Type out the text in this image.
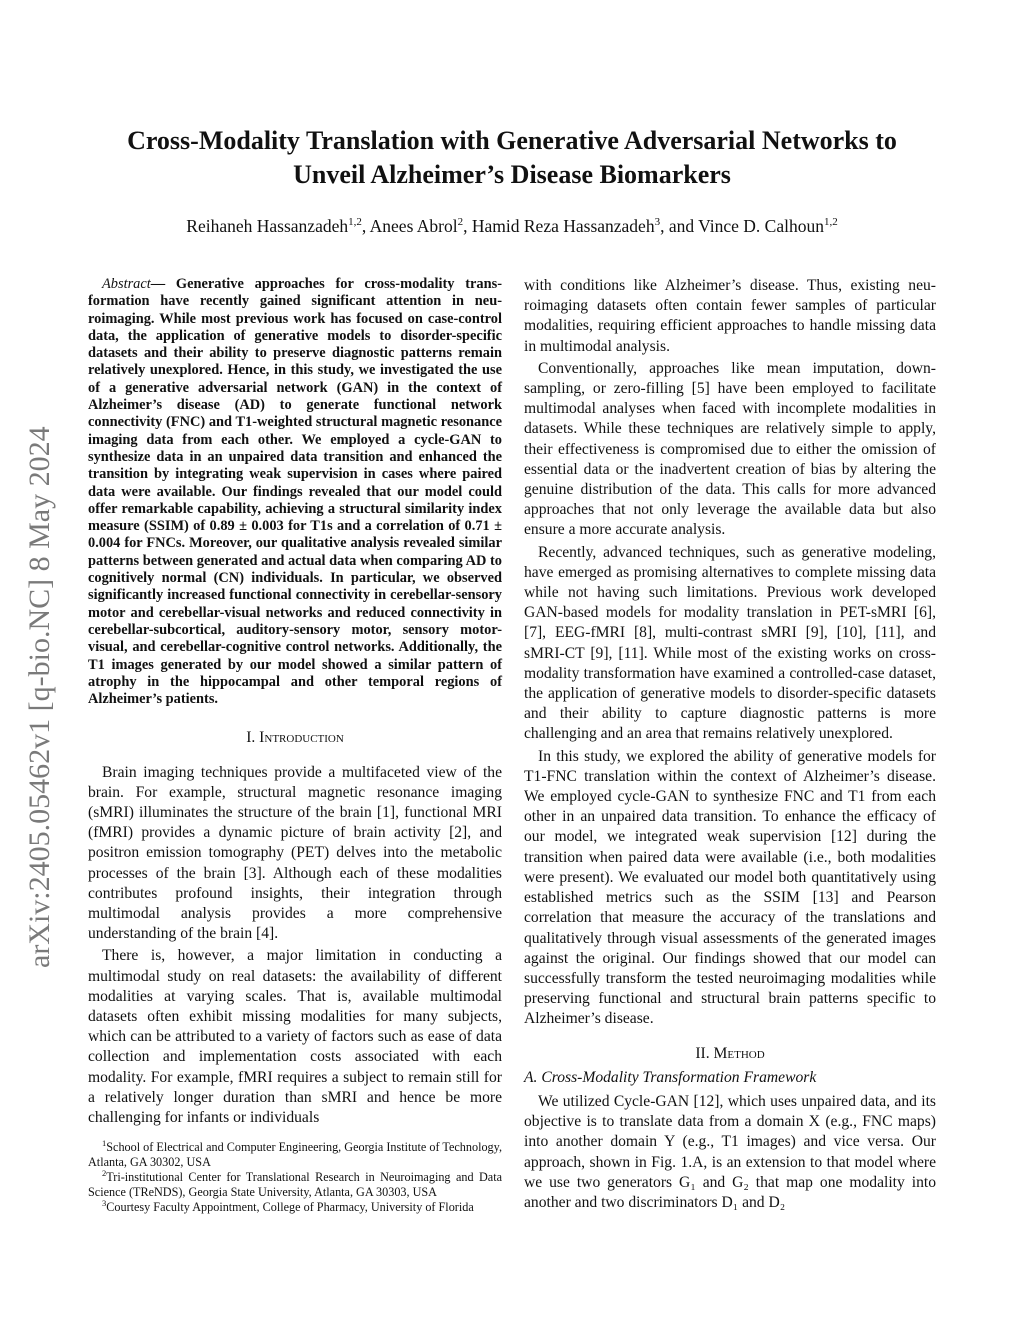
arXiv:2405.05462v1 [q-bio.NC] 8 May 2024
Cross-Modality Translation with Generative Adversarial Networks to
Unveil Alzheimer’s Disease Biomarkers
Reihaneh Hassanzadeh$^{1,2}$, Anees Abrol$^2$, Hamid Reza Hassanzadeh$^3$, and Vince D. Calhoun$^{1,2}$

Abstract— Generative approaches for cross-modality transformation have recently gained significant attention in neuroimaging. While most previous work has focused on case-control data, the application of generative models to disorder-specific datasets and their ability to preserve diagnostic patterns remain relatively unexplored. Hence, in this study, we investigated the use of a generative adversarial network (GAN) in the context of Alzheimer’s disease (AD) to generate functional network connectivity (FNC) and T1-weighted structural magnetic resonance imaging data from each other. We employed a cycle-GAN to synthesize data in an unpaired data transition and enhanced the transition by integrating weak supervision in cases where paired data were available. Our findings revealed that our model could offer remarkable capability, achieving a structural similarity index measure (SSIM) of 0.89 ± 0.003 for T1s and a correlation of 0.71 ± 0.004 for FNCs. Moreover, our qualitative analysis revealed similar patterns between generated and actual data when comparing AD to cognitively normal (CN) individuals. In particular, we observed significantly increased functional connectivity in cerebellar-sensory motor and cerebellar-visual networks and reduced connectivity in cerebellar-subcortical, auditory-sensory motor, sensory motor-visual, and cerebellar-cognitive control networks. Additionally, the T1 images generated by our model showed a similar pattern of atrophy in the hippocampal and other temporal regions of Alzheimer’s patients.

I. Introduction

Brain imaging techniques provide a multifaceted view of the brain. For example, structural magnetic resonance imaging (sMRI) illuminates the structure of the brain [1], functional MRI (fMRI) provides a dynamic picture of brain activity [2], and positron emission tomography (PET) delves into the metabolic processes of the brain [3]. Although each of these modalities contributes profound insights, their integration through multimodal analysis provides a more comprehensive understanding of the brain [4].

There is, however, a major limitation in conducting a multimodal study on real datasets: the availability of different modalities at varying scales. That is, available multimodal datasets often exhibit missing modalities for many subjects, which can be attributed to a variety of factors such as ease of data collection and implementation costs associated with each modality. For example, fMRI requires a subject to remain still for a relatively longer duration than sMRI and hence be more challenging for infants or individuals

$^1$School of Electrical and Computer Engineering, Georgia Institute of Technology, Atlanta, GA 30302, USA
$^2$Tri-institutional Center for Translational Research in Neuroimaging and Data Science (TReNDS), Georgia State University, Atlanta, GA 30303, USA
$^3$Courtesy Faculty Appointment, College of Pharmacy, University of Florida

with conditions like Alzheimer’s disease. Thus, existing neuroimaging datasets often contain fewer samples of particular modalities, requiring efficient approaches to handle missing data in multimodal analysis.

Conventionally, approaches like mean imputation, downsampling, or zero-filling [5] have been employed to facilitate multimodal analyses when faced with incomplete modalities in datasets. While these techniques are relatively simple to apply, their effectiveness is compromised due to either the omission of essential data or the inadvertent creation of bias by altering the genuine distribution of the data. This calls for more advanced approaches that not only leverage the available data but also ensure a more accurate analysis.

Recently, advanced techniques, such as generative modeling, have emerged as promising alternatives to complete missing data while not having such limitations. Previous work developed GAN-based models for modality translation in PET-sMRI [6], [7], EEG-fMRI [8], multi-contrast sMRI [9], [10], [11], and sMRI-CT [9], [11]. While most of the existing works on cross-modality transformation have examined a controlled-case dataset, the application of generative models to disorder-specific datasets and their ability to capture diagnostic patterns is more challenging and an area that remains relatively unexplored.

In this study, we explored the ability of generative models for T1-FNC translation within the context of Alzheimer’s disease. We employed cycle-GAN to synthesize FNC and T1 from each other in an unpaired data transition. To enhance the efficacy of our model, we integrated weak supervision [12] during the transition when paired data were available (i.e., both modalities were present). We evaluated our model both quantitatively using established metrics such as the SSIM [13] and Pearson correlation that measure the accuracy of the translations and qualitatively through visual assessments of the generated images against the original. Our findings showed that our model can successfully transform the tested neuroimaging modalities while preserving functional and structural brain patterns specific to Alzheimer’s disease.

II. Method
A. Cross-Modality Transformation Framework

We utilized Cycle-GAN [12], which uses unpaired data, and its objective is to translate data from a domain X (e.g., FNC maps) into another domain Y (e.g., T1 images) and vice versa. Our approach, shown in Fig. 1.A, is an extension to that model where we use two generators G₁ and G₂ that map one modality into another and two discriminators D₁ and D₂
